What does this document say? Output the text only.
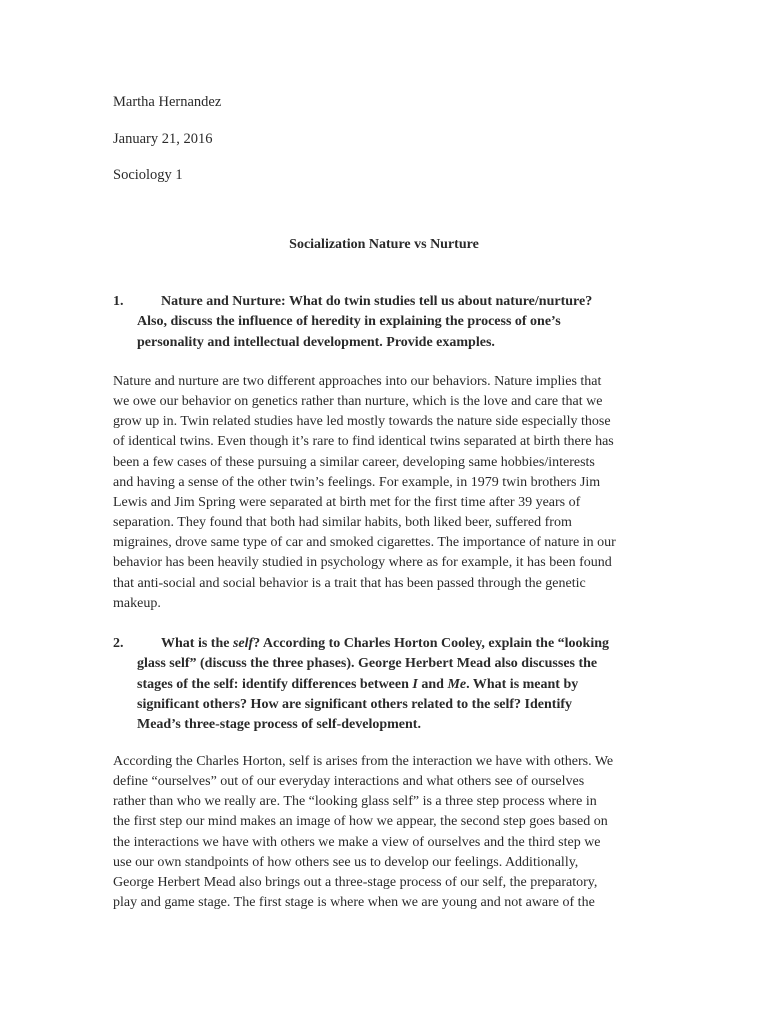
Martha Hernandez
January 21, 2016
Sociology 1
Socialization Nature vs Nurture
1.	Nature and Nurture: What do twin studies tell us about nature/nurture?
Also, discuss the influence of heredity in explaining the process of one’s
personality and intellectual development. Provide examples.
Nature and nurture are two different approaches into our behaviors. Nature implies that
we owe our behavior on genetics rather than nurture, which is the love and care that we
grow up in. Twin related studies have led mostly towards the nature side especially those
of identical twins. Even though it’s rare to find identical twins separated at birth there has
been a few cases of these pursuing a similar career, developing same hobbies/interests
and having a sense of the other twin’s feelings. For example, in 1979 twin brothers Jim
Lewis and Jim Spring were separated at birth met for the first time after 39 years of
separation. They found that both had similar habits, both liked beer, suffered from
migraines, drove same type of car and smoked cigarettes. The importance of nature in our
behavior has been heavily studied in psychology where as for example, it has been found
that anti-social and social behavior is a trait that has been passed through the genetic
makeup.
2.	What is the self? According to Charles Horton Cooley, explain the “looking
glass self” (discuss the three phases). George Herbert Mead also discusses the
stages of the self: identify differences between I and Me. What is meant by
significant others? How are significant others related to the self? Identify
Mead’s three-stage process of self-development.
According the Charles Horton, self is arises from the interaction we have with others. We
define “ourselves” out of our everyday interactions and what others see of ourselves
rather than who we really are. The “looking glass self” is a three step process where in
the first step our mind makes an image of how we appear, the second step goes based on
the interactions we have with others we make a view of ourselves and the third step we
use our own standpoints of how others see us to develop our feelings. Additionally,
George Herbert Mead also brings out a three-stage process of our self, the preparatory,
play and game stage. The first stage is where when we are young and not aware of the
